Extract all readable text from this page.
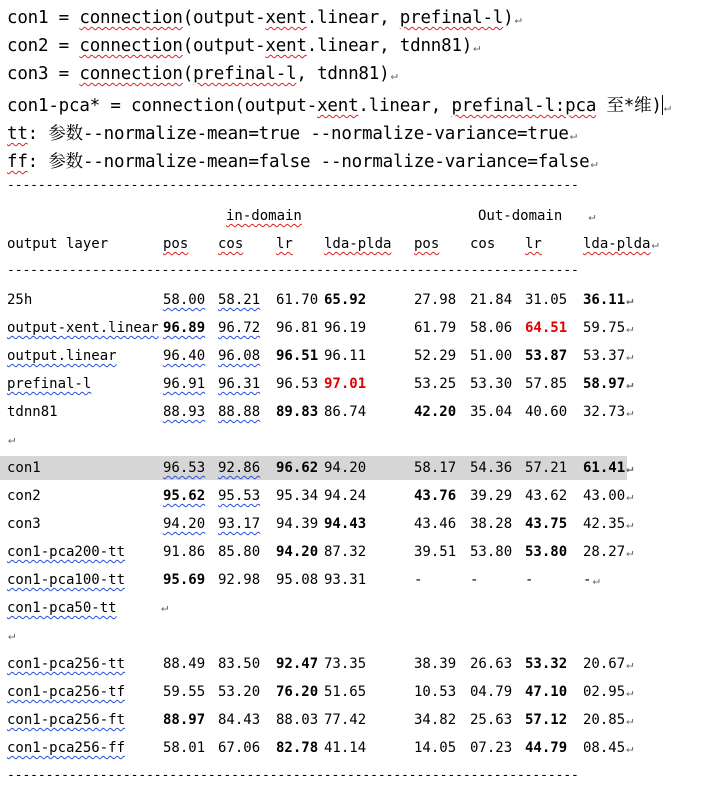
con1 = connection(output-xent.linear, prefinal-l)↵
con2 = connection(output-xent.linear, tdnn81)↵
con3 = connection(prefinal-l, tdnn81)↵
con1-pca* = connection(output-xent.linear, prefinal-l:pca 至*维) ↵
tt: 参数--normalize-mean=true --normalize-variance=true↵
ff: 参数--normalize-mean=false --normalize-variance=false↵
--------------------------------------------------------------------------
in-domain	Out-domain ↵
output layer	pos cos lr lda-plda pos cos lr	lda-plda↵
25h	58.00 58.21 61.70 65.92	27.98 21.84 31.05 36.11↵
output-xent.linear 96.89 96.72 96.81 96.19	61.79 58.06 64.51 59.75↵
output.linear	96.40 96.08 96.51 96.11	52.29 51.00 53.87 53.37↵
prefinal-l	96.91 96.31 96.53 97.01	53.25 53.30 57.85 58.97↵
tdnn81	88.93 88.88 89.83 86.74	42.20 35.04 40.60 32.73↵
↵
con1	96.53 92.86 96.62 94.20	58.17 54.36 57.21 61.41↵
con2	95.62 95.53 95.34 94.24	43.76 39.29 43.62 43.00↵
con3	94.20 93.17 94.39 94.43	43.46 38.28 43.75 42.35↵
con1-pca200-tt	91.86 85.80 94.20 87.32	39.51 53.80 53.80 28.27↵
con1-pca100-tt	95.69 92.98 95.08 93.31	-	-	-	-↵
con1-pca50-tt	↵
↵
con1-pca256-tt	88.49 83.50 92.47 73.35	38.39 26.63 53.32 20.67↵
con1-pca256-tf	59.55 53.20 76.20 51.65	10.53 04.79 47.10 02.95↵
con1-pca256-ft	88.97 84.43 88.03 77.42	34.82 25.63 57.12 20.85↵
con1-pca256-ff	58.01 67.06 82.78 41.14	14.05 07.23 44.79 08.45↵
--------------------------------------------------------------------------
--------------------------------------------------------------------------
